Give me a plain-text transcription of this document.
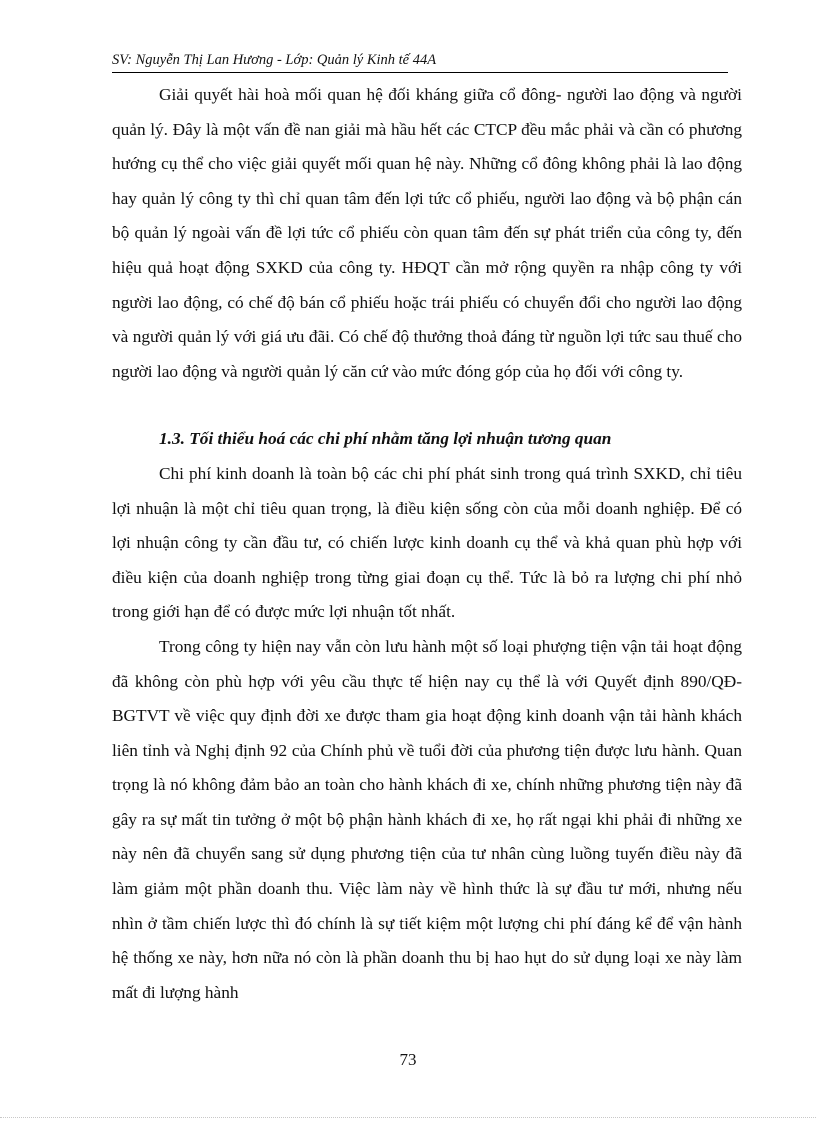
SV: Nguyễn Thị Lan Hương - Lớp: Quản lý Kinh tế 44A

Giải quyết hài hoà mối quan hệ đối kháng giữa cổ đông- người lao động và người quản lý. Đây là một vấn đề nan giải mà hầu hết các CTCP đều mắc phải và cần có phương hướng cụ thể cho việc giải quyết mối quan hệ này. Những cổ đông không phải là lao động hay quản lý công ty thì chỉ quan tâm đến lợi tức cổ phiếu, người lao động và bộ phận cán bộ quản lý ngoài vấn đề lợi tức cổ phiếu còn quan tâm đến sự phát triển của công ty, đến hiệu quả hoạt động SXKD của công ty. HĐQT cần mở rộng quyền ra nhập công ty với người lao động, có chế độ bán cổ phiếu hoặc trái phiếu có chuyển đổi cho người lao động và người quản lý với giá ưu đãi. Có chế độ thưởng thoả đáng từ nguồn lợi tức sau thuế cho người lao động và người quản lý căn cứ vào mức đóng góp của họ đối với công ty.

1.3. Tối thiểu hoá các chi phí nhằm tăng lợi nhuận tương quan

Chi phí kinh doanh là toàn bộ các chi phí phát sinh trong quá trình SXKD, chỉ tiêu lợi nhuận là một chỉ tiêu quan trọng, là điều kiện sống còn của mỗi doanh nghiệp. Để có lợi nhuận công ty cần đầu tư, có chiến lược kinh doanh cụ thể và khả quan phù hợp với điều kiện của doanh nghiệp trong từng giai đoạn cụ thể. Tức là bỏ ra lượng chi phí nhỏ trong giới hạn để có được mức lợi nhuận tốt nhất.

Trong công ty hiện nay vẫn còn lưu hành một số loại phượng tiện vận tải hoạt động đã không còn phù hợp với yêu cầu thực tế hiện nay cụ thể là với Quyết định 890/QĐ-BGTVT về việc quy định đời xe được tham gia hoạt động kinh doanh vận tải hành khách liên tỉnh và Nghị định 92 của Chính phủ về tuổi đời của phương tiện được lưu hành. Quan trọng là nó không đảm bảo an toàn cho hành khách đi xe, chính những phương tiện này đã gây ra sự mất tin tưởng ở một bộ phận hành khách đi xe, họ rất ngại khi phải đi những xe này nên đã chuyển sang sử dụng phương tiện của tư nhân cùng luồng tuyến điều này đã làm giảm một phần doanh thu. Việc làm này về hình thức là sự đầu tư mới, nhưng nếu nhìn ở tầm chiến lược thì đó chính là sự tiết kiệm một lượng chi phí đáng kể để vận hành hệ thống xe này, hơn nữa nó còn là phần doanh thu bị hao hụt do sử dụng loại xe này làm mất đi lượng hành

73
